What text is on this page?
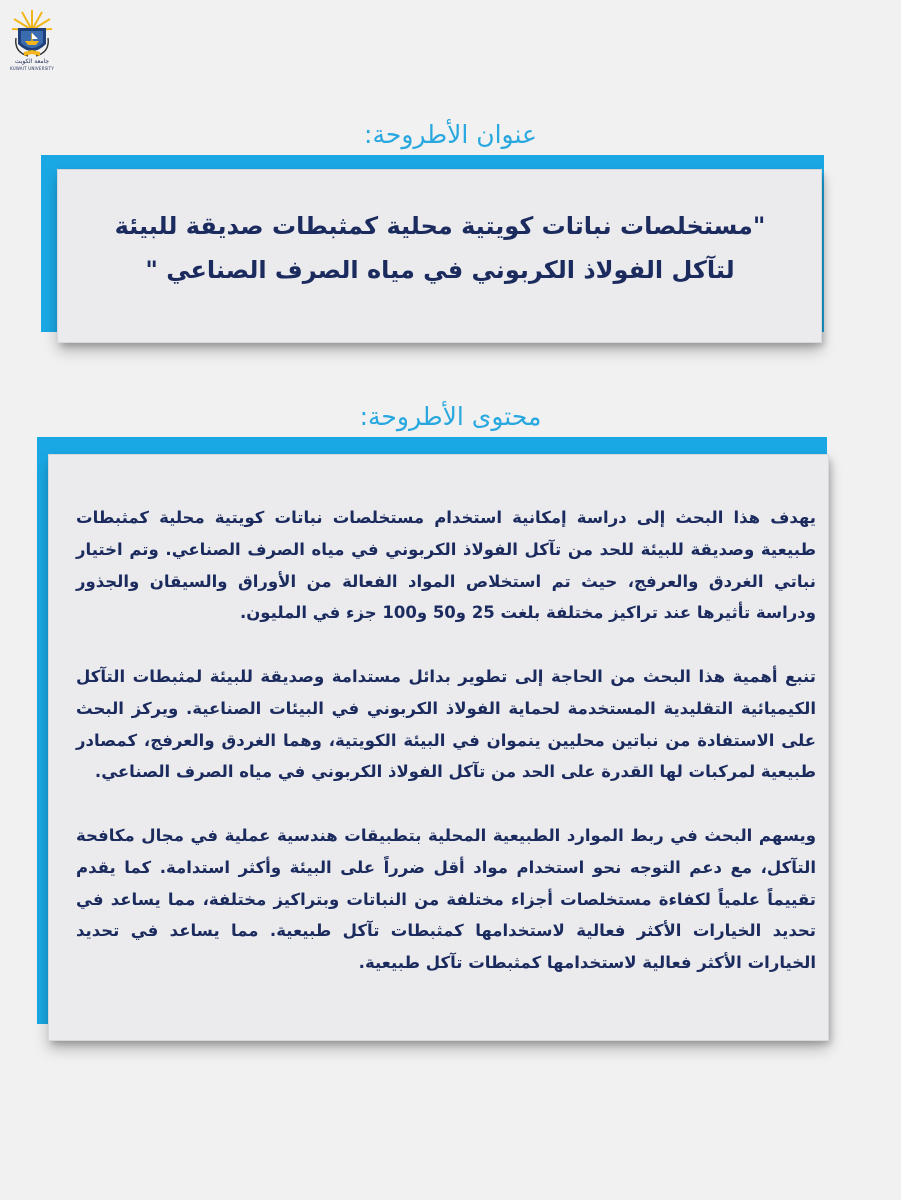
جامعة الكويت
KUWAIT UNIVERSITY
عنوان الأطروحة:
"مستخلصات نباتات كويتية محلية كمثبطات صديقة للبيئة لتآكل الفولاذ الكربوني في مياه الصرف الصناعي "
محتوى الأطروحة:

يهدف هذا البحث إلى دراسة إمكانية استخدام مستخلصات نباتات كويتية محلية كمثبطات طبيعية وصديقة للبيئة للحد من تآكل الفولاذ الكربوني في مياه الصرف الصناعي. وتم اختيار نباتي الغردق والعرفج، حيث تم استخلاص المواد الفعالة من الأوراق والسيقان والجذور ودراسة تأثيرها عند تراكيز مختلفة بلغت 25 و50 و100 جزء في المليون.

تنبع أهمية هذا البحث من الحاجة إلى تطوير بدائل مستدامة وصديقة للبيئة لمثبطات التآكل الكيميائية التقليدية المستخدمة لحماية الفولاذ الكربوني في البيئات الصناعية. ويركز البحث على الاستفادة من نباتين محليين ينموان في البيئة الكويتية، وهما الغردق والعرفج، كمصادر طبيعية لمركبات لها القدرة على الحد من تآكل الفولاذ الكربوني في مياه الصرف الصناعي.

ويسهم البحث في ربط الموارد الطبيعية المحلية بتطبيقات هندسية عملية في مجال مكافحة التآكل، مع دعم التوجه نحو استخدام مواد أقل ضرراً على البيئة وأكثر استدامة. كما يقدم تقييماً علمياً لكفاءة مستخلصات أجزاء مختلفة من النباتات وبتراكيز مختلفة، مما يساعد في تحديد الخيارات الأكثر فعالية لاستخدامها كمثبطات تآكل طبيعية. مما يساعد في تحديد الخيارات الأكثر فعالية لاستخدامها كمثبطات تآكل طبيعية.
